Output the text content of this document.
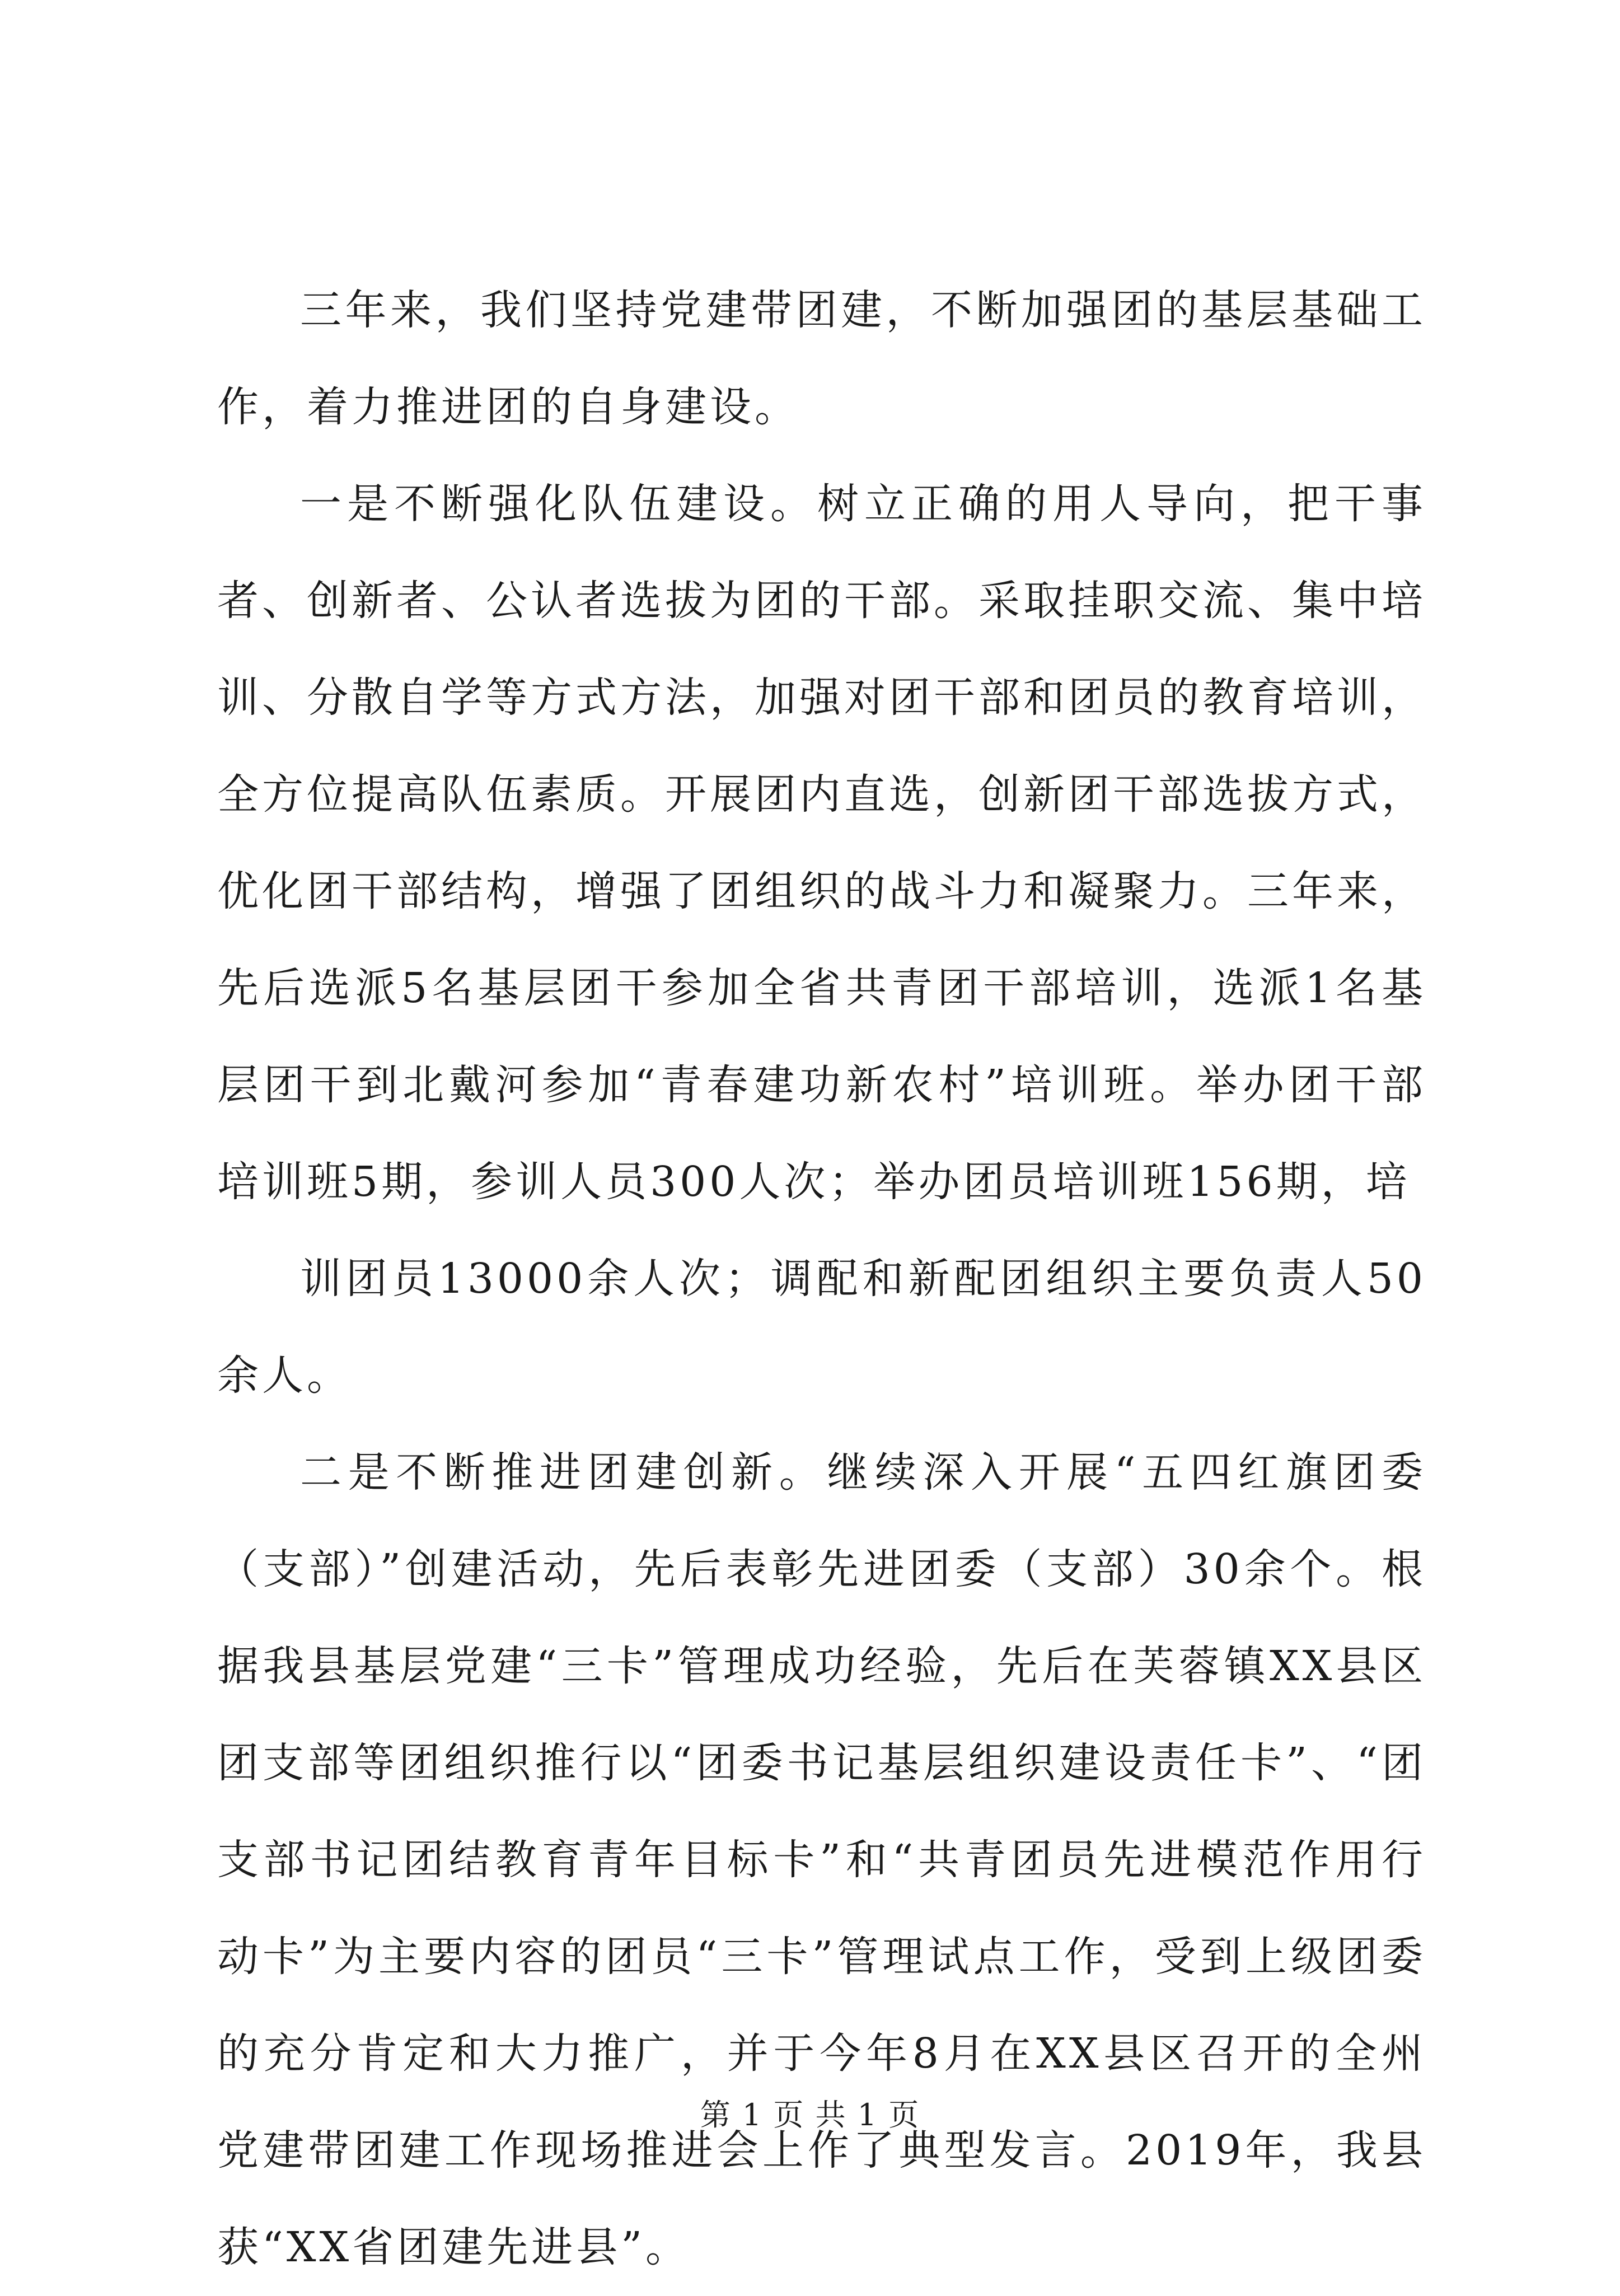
三年来，我们坚持党建带团建，不断加强团的基层基础工作，着力推进团的自身建设。

一是不断强化队伍建设。树立正确的用人导向，把干事者、创新者、公认者选拔为团的干部。采取挂职交流、集中培训、分散自学等方式方法，加强对团干部和团员的教育培训，全方位提高队伍素质。开展团内直选，创新团干部选拔方式，优化团干部结构，增强了团组织的战斗力和凝聚力。三年来，先后选派5名基层团干参加全省共青团干部培训，选派1名基层团干到北戴河参加“青春建功新农村”培训班。举办团干部培训班5期，参训人员300人次；举办团员培训班156期，培

训团员13000余人次；调配和新配团组织主要负责人50余人。

二是不断推进团建创新。继续深入开展“五四红旗团委（支部）”创建活动，先后表彰先进团委（支部）30余个。根据我县基层党建“三卡”管理成功经验，先后在芙蓉镇XX县区团支部等团组织推行以“团委书记基层组织建设责任卡”、“团支部书记团结教育青年目标卡”和“共青团员先进模范作用行动卡”为主要内容的团员“三卡”管理试点工作，受到上级团委的充分肯定和大力推广，并于今年8月在XX县区召开的全州党建带团建工作现场推进会上作了典型发言。2019年，我县获“XX省团建先进县”。

第 1 页 共 1 页
